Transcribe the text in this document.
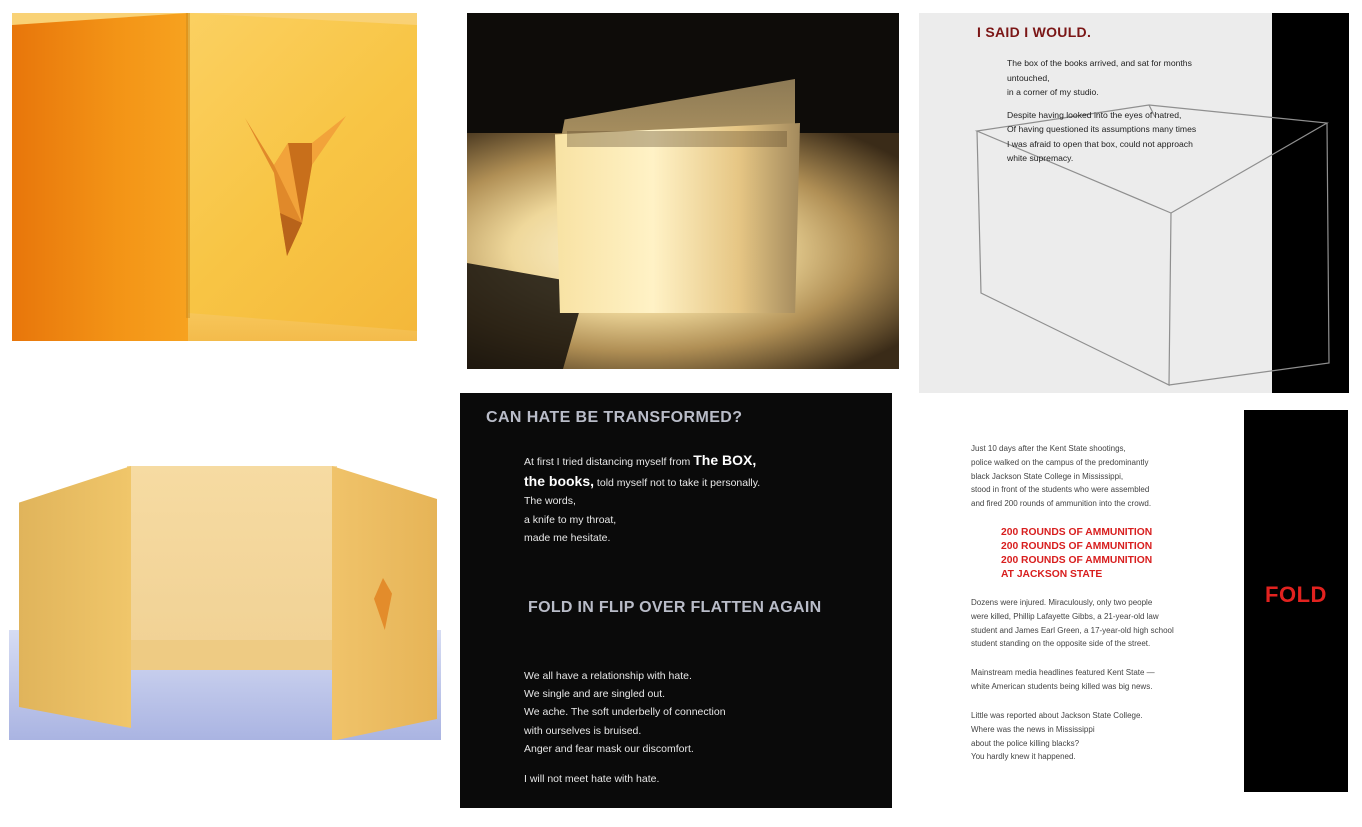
I SAID I WOULD.
The box of the books arrived, and sat for months
untouched,
in a corner of my studio.
Despite having looked into the eyes of hatred,
Of having questioned its assumptions many times
I was afraid to open that box, could not approach
white supremacy.
CAN HATE BE TRANSFORMED?
At first I tried distancing myself from The BOX,
the books, told myself not to take it personally.
The words,
a knife to my throat,
made me hesitate.
FOLD IN FLIP OVER FLATTEN AGAIN
We all have a relationship with hate.
We single and are singled out.
We ache. The soft underbelly of connection
with ourselves is bruised.
Anger and fear mask our discomfort.
I will not meet hate with hate.
FOLD
Just 10 days after the Kent State shootings,
police walked on the campus of the predominantly
black Jackson State College in Mississippi,
stood in front of the students who were assembled
and fired 200 rounds of ammunition into the crowd.
200 ROUNDS OF AMMUNITION
200 ROUNDS OF AMMUNITION
200 ROUNDS OF AMMUNITION
AT JACKSON STATE
Dozens were injured. Miraculously, only two people
were killed, Phillip Lafayette Gibbs, a 21-year-old law
student and James Earl Green, a 17-year-old high school
student standing on the opposite side of the street.
Mainstream media headlines featured Kent State —
white American students being killed was big news.
Little was reported about Jackson State College.
Where was the news in Mississippi
about the police killing blacks?
You hardly knew it happened.
